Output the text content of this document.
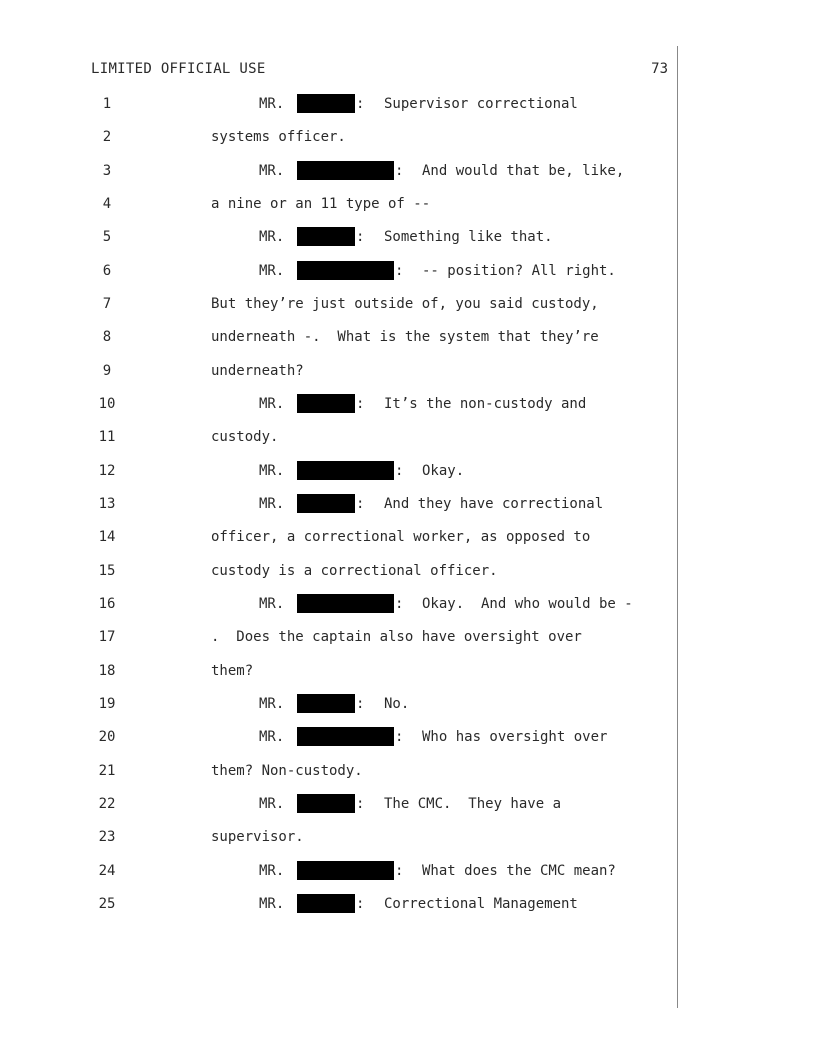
LIMITED OFFICIAL USE	73
1	MR.	: Supervisor correctional
2	systems officer.
3	MR.	: And would that be, like,
4	a nine or an 11 type of --
5	MR.	: Something like that.
6	MR.	: -- position? All right.
7	But they’re just outside of, you said custody,
8	underneath -.  What is the system that they’re
9	underneath?
10	MR.	: It’s the non-custody and
11	custody.
12	MR.	: Okay.
13	MR.	: And they have correctional
14	officer, a correctional worker, as opposed to
15	custody is a correctional officer.
16	MR.	: Okay.  And who would be -
17	.  Does the captain also have oversight over
18	them?
19	MR.	: No.
20	MR.	: Who has oversight over
21	them? Non-custody.
22	MR.	: The CMC.  They have a
23	supervisor.
24	MR.	: What does the CMC mean?
25	MR.	: Correctional Management
